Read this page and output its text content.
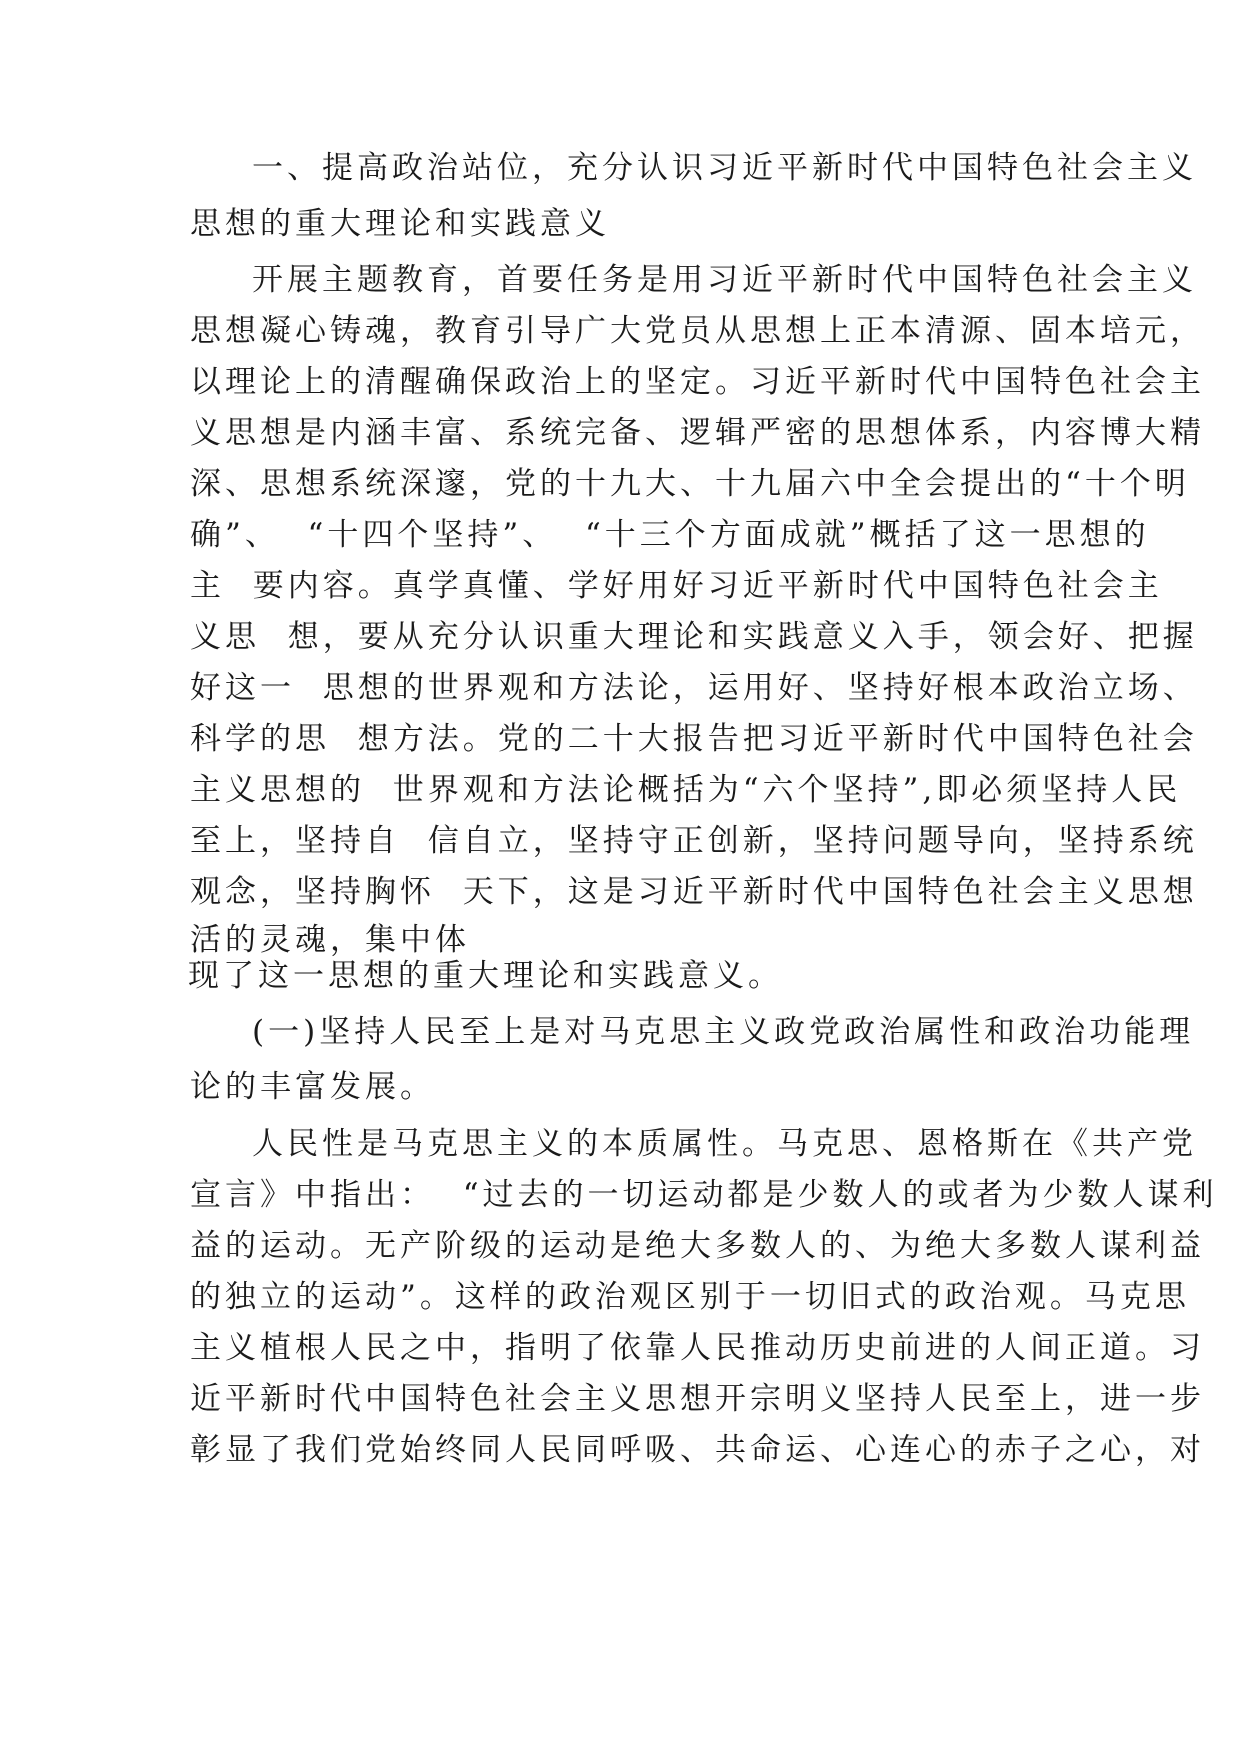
一、提高政治站位，充分认识习近平新时代中国特色社会主义
思想的重大理论和实践意义
开展主题教育，首要任务是用习近平新时代中国特色社会主义
思想凝心铸魂，教育引导广大党员从思想上正本清源、固本培元，
以理论上的清醒确保政治上的坚定。习近平新时代中国特色社会主
义思想是内涵丰富、系统完备、逻辑严密的思想体系，内容博大精
深、思想系统深邃，党的十九大、十九届六中全会提出的“十个明
确”、  “十四个坚持”、  “十三个方面成就”概括了这一思想的
主  要内容。真学真懂、学好用好习近平新时代中国特色社会主
义思  想，要从充分认识重大理论和实践意义入手，领会好、把握
好这一  思想的世界观和方法论，运用好、坚持好根本政治立场、
科学的思  想方法。党的二十大报告把习近平新时代中国特色社会
主义思想的  世界观和方法论概括为“六个坚持”,即必须坚持人民
至上，坚持自  信自立，坚持守正创新，坚持问题导向，坚持系统
观念，坚持胸怀  天下，这是习近平新时代中国特色社会主义思想
活的灵魂，集中体
现了这一思想的重大理论和实践意义。
(一)坚持人民至上是对马克思主义政党政治属性和政治功能理
论的丰富发展。
人民性是马克思主义的本质属性。马克思、恩格斯在《共产党
宣言》中指出：  “过去的一切运动都是少数人的或者为少数人谋利
益的运动。无产阶级的运动是绝大多数人的、为绝大多数人谋利益
的独立的运动”。这样的政治观区别于一切旧式的政治观。马克思
主义植根人民之中，指明了依靠人民推动历史前进的人间正道。习
近平新时代中国特色社会主义思想开宗明义坚持人民至上，进一步
彰显了我们党始终同人民同呼吸、共命运、心连心的赤子之心，对
